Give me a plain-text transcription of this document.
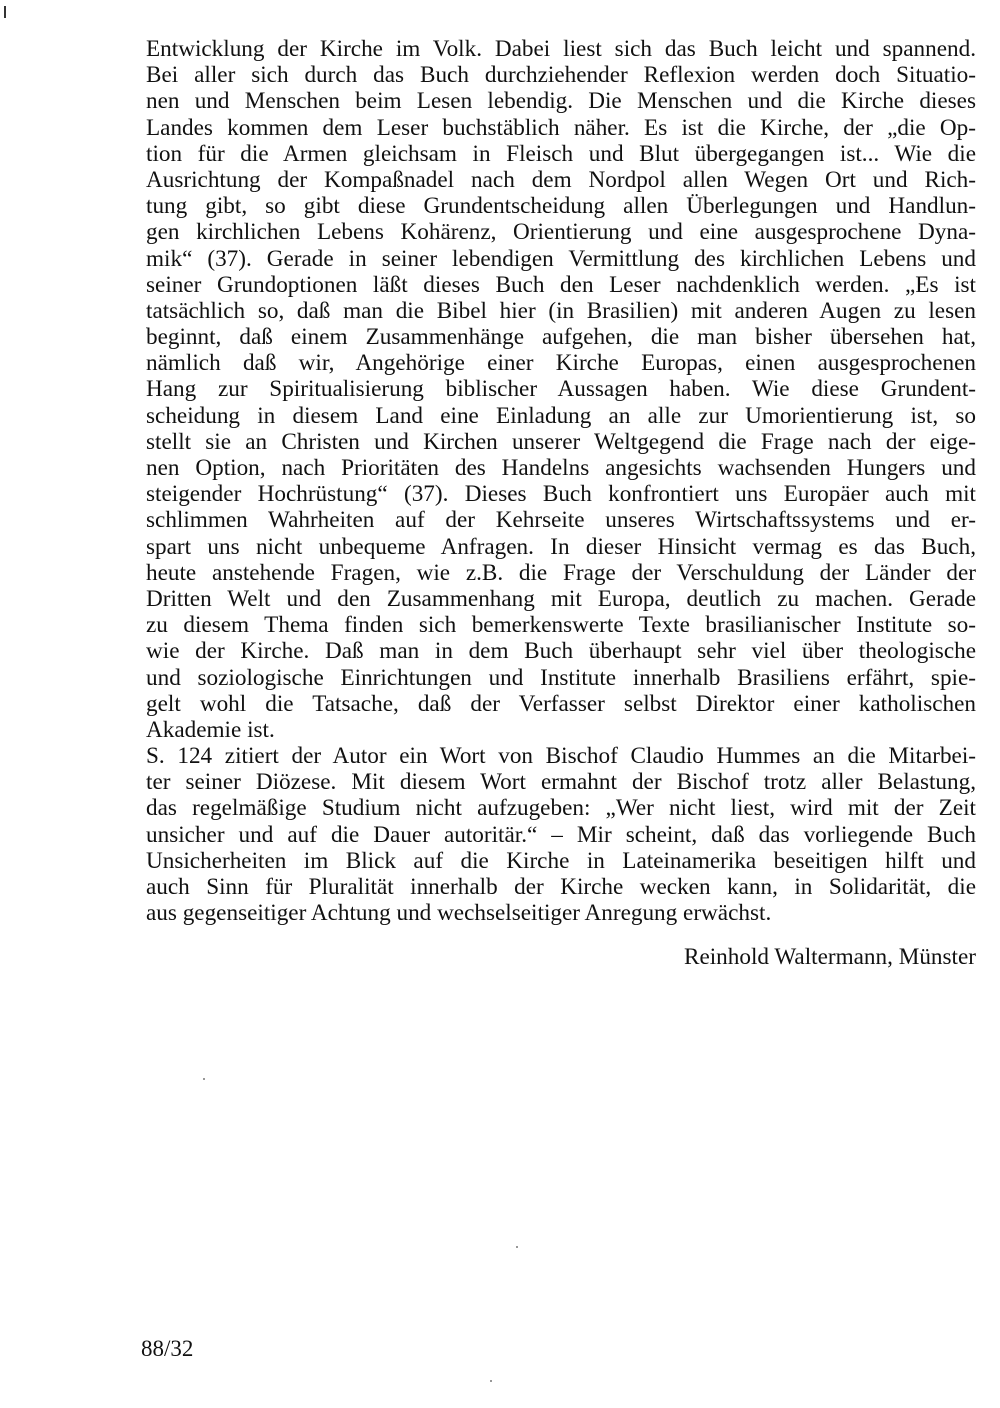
Entwicklung der Kirche im Volk. Dabei liest sich das Buch leicht und spannend.
Bei aller sich durch das Buch durchziehender Reflexion werden doch Situatio-
nen und Menschen beim Lesen lebendig. Die Menschen und die Kirche dieses
Landes kommen dem Leser buchstäblich näher. Es ist die Kirche, der „die Op-
tion für die Armen gleichsam in Fleisch und Blut übergegangen ist... Wie die
Ausrichtung der Kompaßnadel nach dem Nordpol allen Wegen Ort und Rich-
tung gibt, so gibt diese Grundentscheidung allen Überlegungen und Handlun-
gen kirchlichen Lebens Kohärenz, Orientierung und eine ausgesprochene Dyna-
mik“ (37). Gerade in seiner lebendigen Vermittlung des kirchlichen Lebens und
seiner Grundoptionen läßt dieses Buch den Leser nachdenklich werden. „Es ist
tatsächlich so, daß man die Bibel hier (in Brasilien) mit anderen Augen zu lesen
beginnt, daß einem Zusammenhänge aufgehen, die man bisher übersehen hat,
nämlich daß wir, Angehörige einer Kirche Europas, einen ausgesprochenen
Hang zur Spiritualisierung biblischer Aussagen haben. Wie diese Grundent-
scheidung in diesem Land eine Einladung an alle zur Umorientierung ist, so
stellt sie an Christen und Kirchen unserer Weltgegend die Frage nach der eige-
nen Option, nach Prioritäten des Handelns angesichts wachsenden Hungers und
steigender Hochrüstung“ (37). Dieses Buch konfrontiert uns Europäer auch mit
schlimmen Wahrheiten auf der Kehrseite unseres Wirtschaftssystems und er-
spart uns nicht unbequeme Anfragen. In dieser Hinsicht vermag es das Buch,
heute anstehende Fragen, wie z.B. die Frage der Verschuldung der Länder der
Dritten Welt und den Zusammenhang mit Europa, deutlich zu machen. Gerade
zu diesem Thema finden sich bemerkenswerte Texte brasilianischer Institute so-
wie der Kirche. Daß man in dem Buch überhaupt sehr viel über theologische
und soziologische Einrichtungen und Institute innerhalb Brasiliens erfährt, spie-
gelt wohl die Tatsache, daß der Verfasser selbst Direktor einer katholischen
Akademie ist.
S. 124 zitiert der Autor ein Wort von Bischof Claudio Hummes an die Mitarbei-
ter seiner Diözese. Mit diesem Wort ermahnt der Bischof trotz aller Belastung,
das regelmäßige Studium nicht aufzugeben: „Wer nicht liest, wird mit der Zeit
unsicher und auf die Dauer autoritär.“ – Mir scheint, daß das vorliegende Buch
Unsicherheiten im Blick auf die Kirche in Lateinamerika beseitigen hilft und
auch Sinn für Pluralität innerhalb der Kirche wecken kann, in Solidarität, die
aus gegenseitiger Achtung und wechselseitiger Anregung erwächst.
Reinhold Waltermann, Münster
88/32
